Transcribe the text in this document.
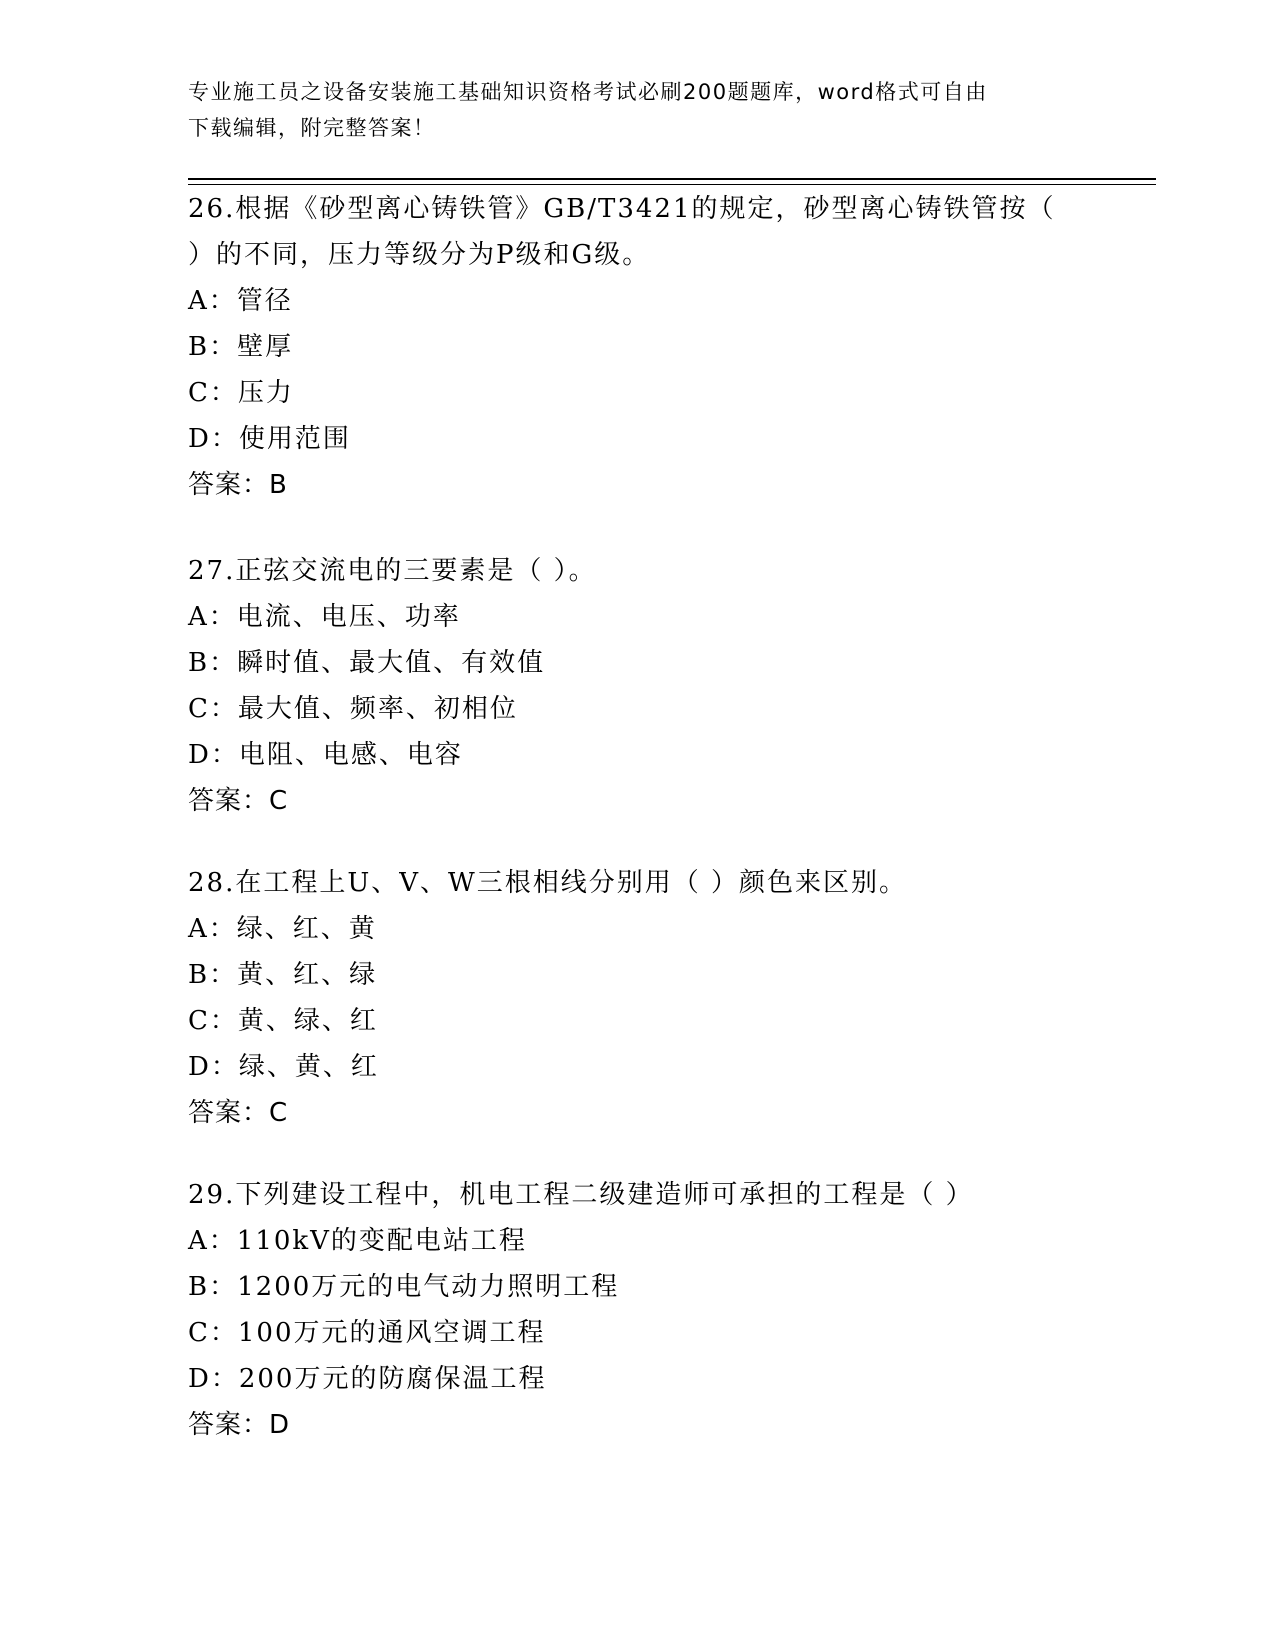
专业施工员之设备安装施工基础知识资格考试必刷200题题库，word格式可自由
下载编辑，附完整答案！
26.根据《砂型离心铸铁管》GB/T3421的规定，砂型离心铸铁管按（
）的不同，压力等级分为P级和G级。
A：管径
B：壁厚
C：压力
D：使用范围
答案：B
27.正弦交流电的三要素是（ ）。
A：电流、电压、功率
B：瞬时值、最大值、有效值
C：最大值、频率、初相位
D：电阻、电感、电容
答案：C
28.在工程上U、V、W三根相线分别用（ ）颜色来区别。
A：绿、红、黄
B：黄、红、绿
C：黄、绿、红
D：绿、黄、红
答案：C
29.下列建设工程中，机电工程二级建造师可承担的工程是（ ）
A：110kV的变配电站工程
B：1200万元的电气动力照明工程
C：100万元的通风空调工程
D：200万元的防腐保温工程
答案：D
